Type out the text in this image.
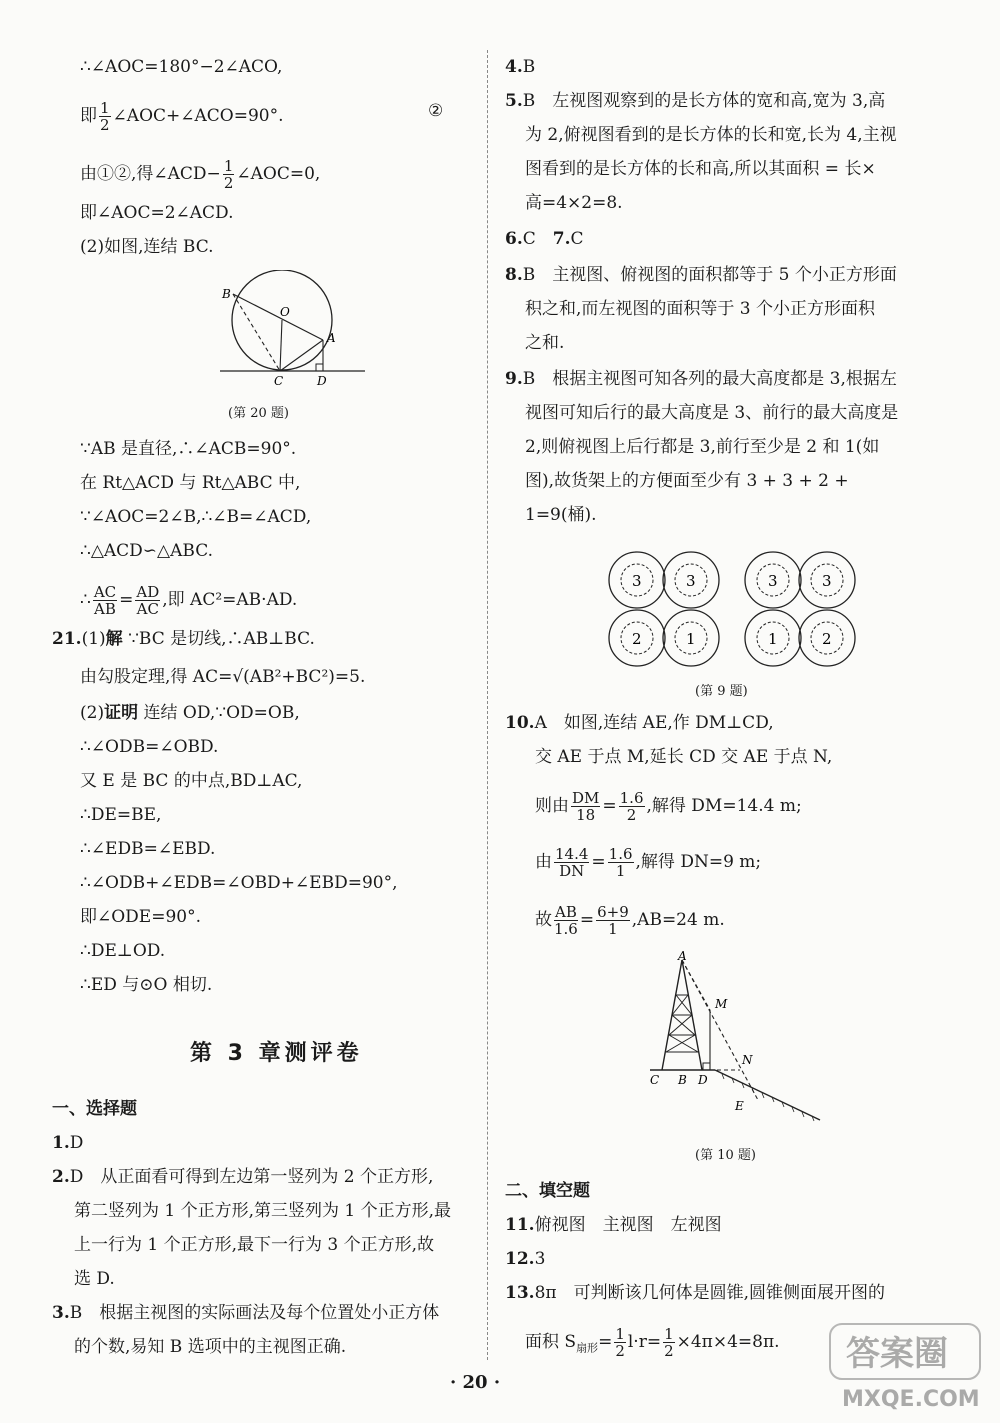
∴∠AOC=180°−2∠ACO,
即 $\frac{1}{2}$ ∠AOC+∠ACO=90°.	②
由①②,得∠ACD− $\frac{1}{2}$ ∠AOC=0,
即∠AOC=2∠ACD.
(2)如图,连结 BC.
B
O
A
C	D
(第 20 题)
∵AB 是直径,∴∠ACB=90°.
在 Rt△ACD 与 Rt△ABC 中,
∵∠AOC=2∠B,∴∠B=∠ACD,
∴△ACD∽△ABC.
∴ $\frac{AC}{AB} = \frac{AD}{AC}$ ,即 AC²=AB·AD.
21.(1)解 ∵BC 是切线,∴AB⊥BC.
由勾股定理,得 AC=√(AB²+BC²)=5.
(2)证明 连结 OD,∵OD=OB,
∴∠ODB=∠OBD.
又 E 是 BC 的中点,BD⊥AC,
∴DE=BE,
∴∠EDB=∠EBD.
∴∠ODB+∠EDB=∠OBD+∠EBD=90°,
即∠ODE=90°.
∴DE⊥OD.
∴ED 与⊙O 相切.
第 3 章测评卷
一、选择题
1.D
2.D　从正面看可得到左边第一竖列为 2 个正方形,
第二竖列为 1 个正方形,第三竖列为 1 个正方形,最
上一行为 1 个正方形,最下一行为 3 个正方形,故
选 D.
3.B　根据主视图的实际画法及每个位置处小正方体
的个数,易知 B 选项中的主视图正确.
4.B
5.B　左视图观察到的是长方体的宽和高,宽为 3,高
为 2,俯视图看到的是长方体的长和宽,长为 4,主视
图看到的是长方体的长和高,所以其面积 = 长×
高=4×2=8.
6.C　7.C
8.B　主视图、俯视图的面积都等于 5 个小正方形面
积之和,而左视图的面积等于 3 个小正方形面积
之和.
9.B　根据主视图可知各列的最大高度都是 3,根据左
视图可知后行的最大高度是 3、前行的最大高度是
2,则俯视图上后行都是 3,前行至少是 2 和 1(如
图),故货架上的方便面至少有 3 + 3 + 2 +
1=9(桶).
3	3
2	1
3	3
1	2
(第 9 题)
10.A　如图,连结 AE,作 DM⊥CD,
交 AE 于点 M,延长 CD 交 AE 于点 N,
则由 $\frac{DM}{18} = \frac{1.6}{2}$ ,解得 DM=14.4 m;
由 $\frac{14.4}{DN} = \frac{1.6}{1}$ ,解得 DN=9 m;
故 $\frac{AB}{1.6} = \frac{6+9}{1} ,AB=24$ m.
A
M
N
C B D
E
(第 10 题)
二、填空题
11.俯视图　主视图　左视图
12.3
13.8π　可判断该几何体是圆锥,圆锥侧面展开图的
面积 $S_{扇形}= \frac{1}{2} l\cdot r= \frac{1}{2} \times 4\pi\times 4=8\pi$.
· 20 ·
答案圈
MXQE.COM
